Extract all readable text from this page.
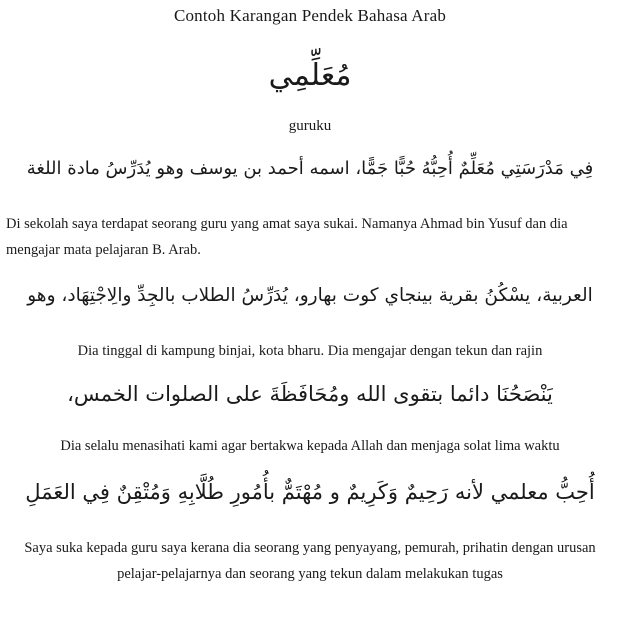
Contoh Karangan Pendek Bahasa Arab
مُعَلِّمِي
guruku
فِي مَدْرَسَتِي مُعَلِّمٌ أُحِبُّهُ حُبًّا جَمًّا، اسمه أحمد بن يوسف وهو يُدَرِّسُ مادة اللغة
Di sekolah saya terdapat seorang guru yang amat saya sukai. Namanya Ahmad bin Yusuf dan dia mengajar mata pelajaran B. Arab.
العربية، يسْكُنُ بقرية بينجاي كوت بهارو، يُدَرِّسُ الطلاب بالجِدِّ والِاجْتِهَاد، وهو
Dia tinggal di kampung binjai, kota bharu. Dia mengajar dengan tekun dan rajin
يَنْصَحُنَا دائما بتقوى الله ومُحَافَظَةَ على الصلوات الخمس،
Dia selalu menasihati kami agar bertakwa kepada Allah dan menjaga solat lima waktu
أُحِبُّ معلمي لأنه رَحِيمٌ وَكَرِيمٌ و مُهْتَمٌّ بأُمُورِ طُلَّابِهِ وَمُتْقِنٌ فِي العَمَلِ
Saya suka kepada guru saya kerana dia seorang yang penyayang, pemurah, prihatin dengan urusan pelajar-pelajarnya dan seorang yang tekun dalam melakukan tugas
